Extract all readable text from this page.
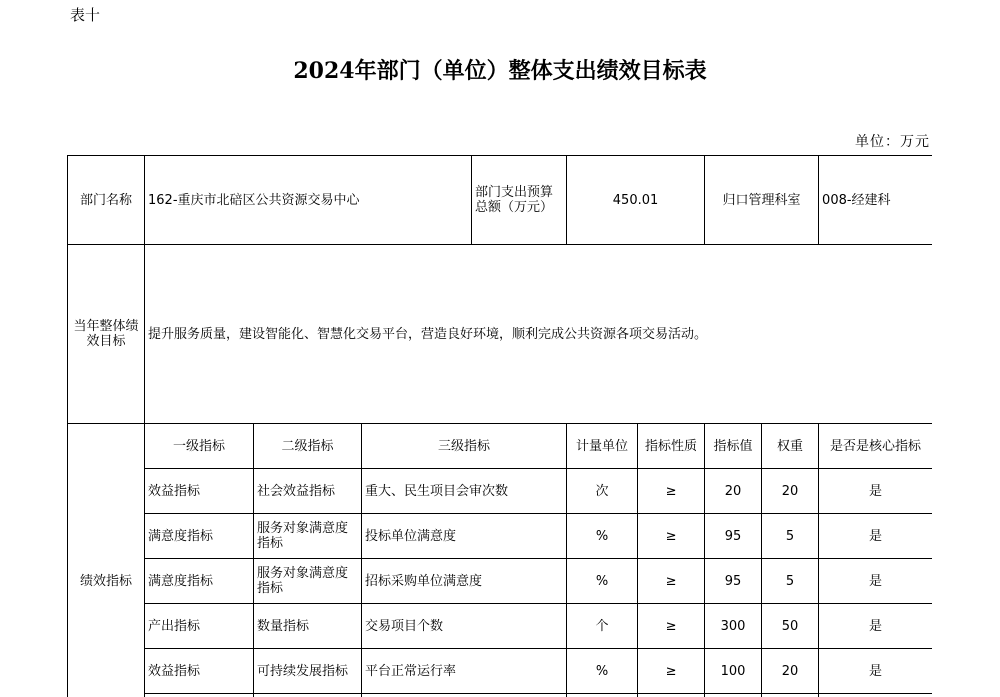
表十
2024年部门（单位）整体支出绩效目标表
单位：万元
部门名称	162-重庆市北碚区公共资源交易中心			部门支出预算总额（万元）	450.01		归口管理科室		008-经建科
当年整体绩效目标	提升服务质量，建设智能化、智慧化交易平台，营造良好环境，顺利完成公共资源各项交易活动。								
绩效指标	一级指标	二级指标	三级指标		计量单位	指标性质	指标值	权重	是否是核心指标
	效益指标	社会效益指标	重大、民生项目会审次数		次	≥	20	20	是
	满意度指标	服务对象满意度指标	投标单位满意度		%	≥	95	5	是
	满意度指标	服务对象满意度指标	招标采购单位满意度		%	≥	95	5	是
	产出指标	数量指标	交易项目个数		个	≥	300	50	是
	效益指标	可持续发展指标	平台正常运行率		%	≥	100	20	是
